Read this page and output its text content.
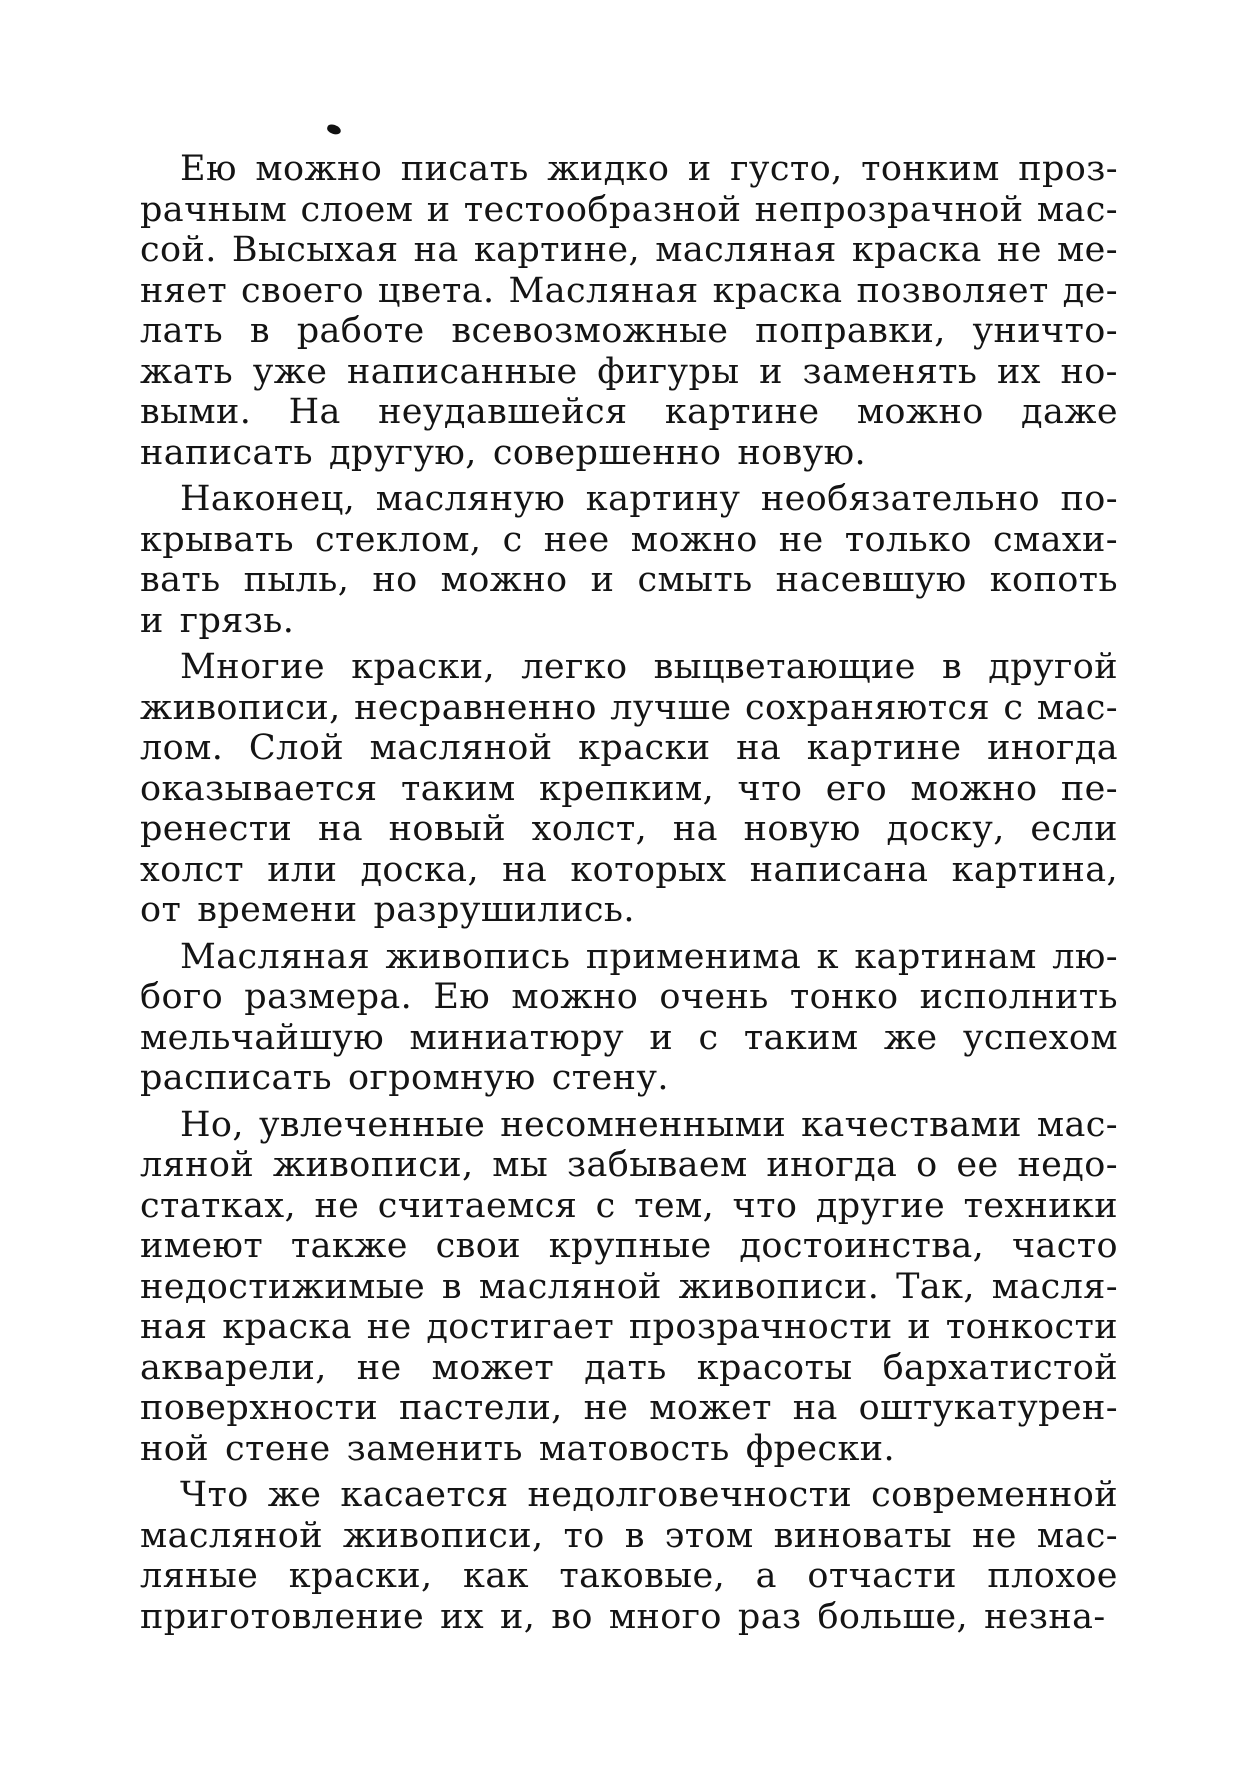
Ею можно писать жидко и густо, тонким проз-
рачным слоем и тестообразной непрозрачной мас-
сой. Высыхая на картине, масляная краска не ме-
няет своего цвета. Масляная краска позволяет де-
лать в работе всевозможные поправки, уничто-
жать уже написанные фигуры и заменять их но-
выми. На неудавшейся картине можно даже
написать другую, совершенно новую.
Наконец, масляную картину необязательно по-
крывать стеклом, с нее можно не только смахи-
вать пыль, но можно и смыть насевшую копоть
и грязь.
Многие краски, легко выцветающие в другой
живописи, несравненно лучше сохраняются с мас-
лом. Слой масляной краски на картине иногда
оказывается таким крепким, что его можно пе-
ренести на новый холст, на новую доску, если
холст или доска, на которых написана картина,
от времени разрушились.
Масляная живопись применима к картинам лю-
бого размера. Ею можно очень тонко исполнить
мельчайшую миниатюру и с таким же успехом
расписать огромную стену.
Но, увлеченные несомненными качествами мас-
ляной живописи, мы забываем иногда о ее недо-
статках, не считаемся с тем, что другие техники
имеют также свои крупные достоинства, часто
недостижимые в масляной живописи. Так, масля-
ная краска не достигает прозрачности и тонкости
акварели, не может дать красоты бархатистой
поверхности пастели, не может на оштукатурен-
ной стене заменить матовость фрески.
Что же касается недолговечности современной
масляной живописи, то в этом виноваты не мас-
ляные краски, как таковые, а отчасти плохое
приготовление их и, во много раз больше, незна-
